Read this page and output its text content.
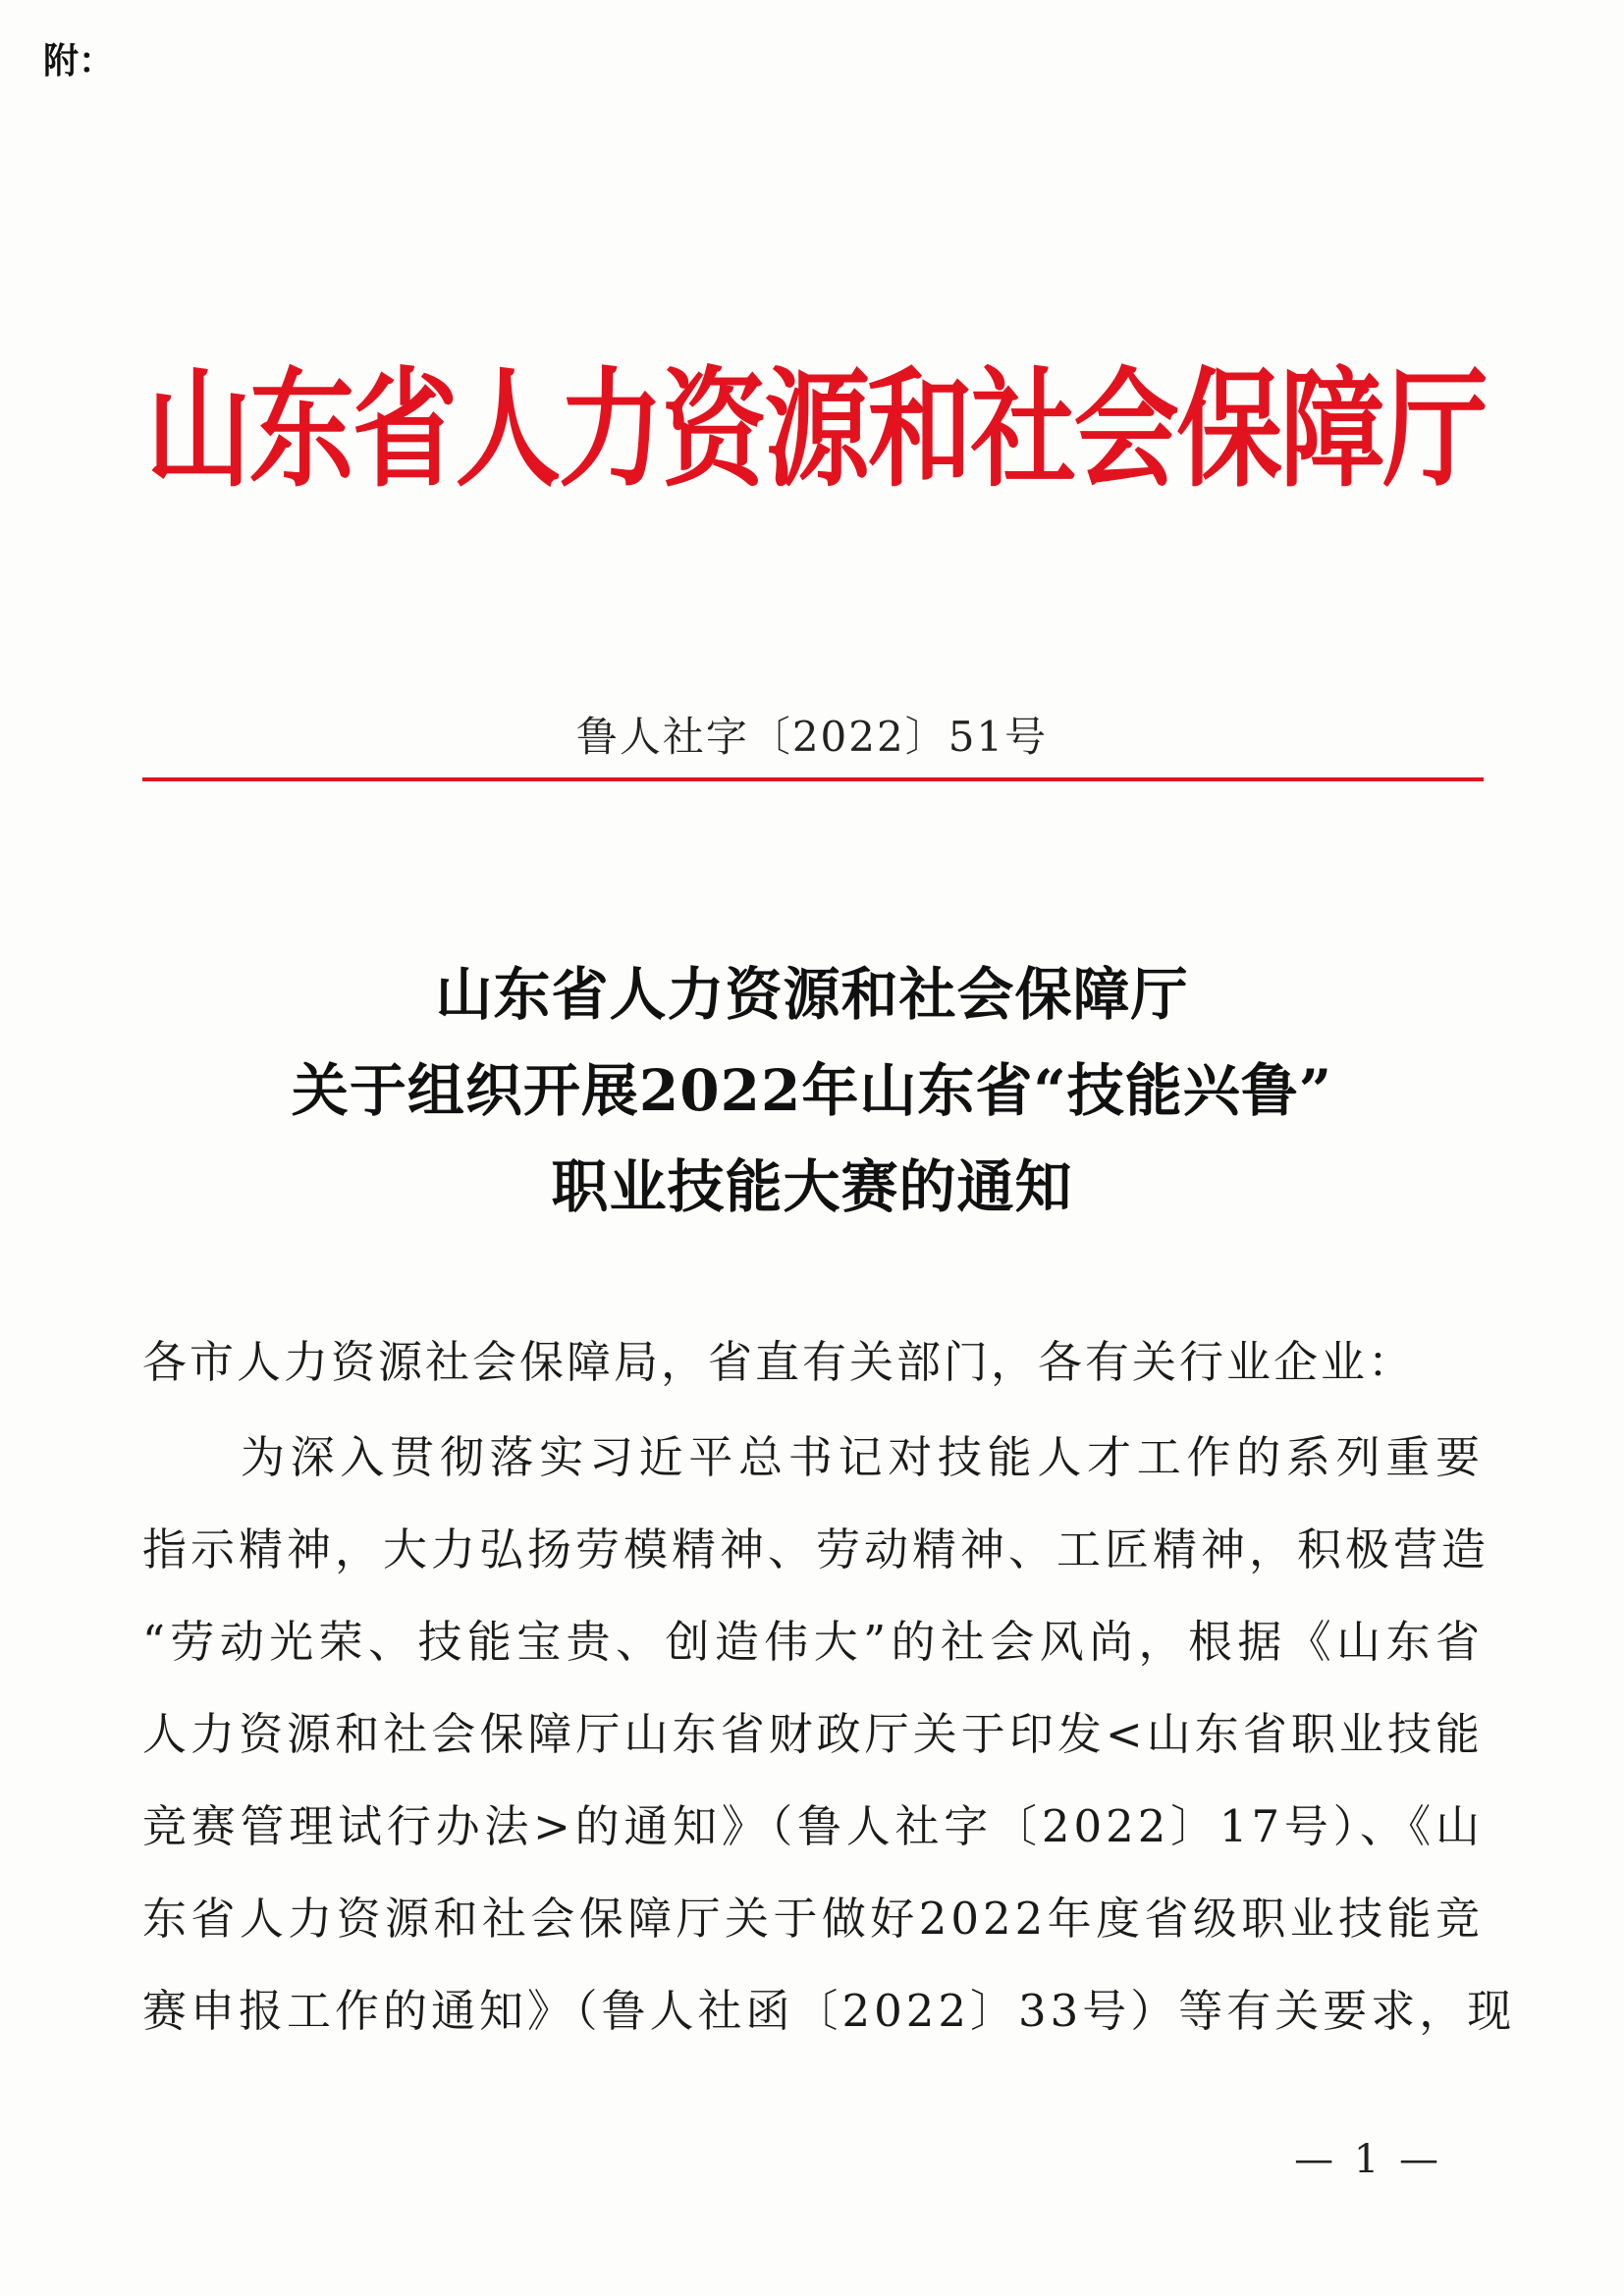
附：
山东省人力资源和社会保障厅
鲁人社字〔2022〕51号
山东省人力资源和社会保障厅
关于组织开展2022年山东省“技能兴鲁”
职业技能大赛的通知
各市人力资源社会保障局，省直有关部门，各有关行业企业：
为深入贯彻落实习近平总书记对技能人才工作的系列重要
指示精神，大力弘扬劳模精神、劳动精神、工匠精神，积极营造
“劳动光荣、技能宝贵、创造伟大”的社会风尚，根据《山东省
人力资源和社会保障厅山东省财政厅关于印发<山东省职业技能
竞赛管理试行办法>的通知》（鲁人社字〔2022〕17号）、《山
东省人力资源和社会保障厅关于做好2022年度省级职业技能竞
赛申报工作的通知》（鲁人社函〔2022〕33号）等有关要求，现
— 1 —
